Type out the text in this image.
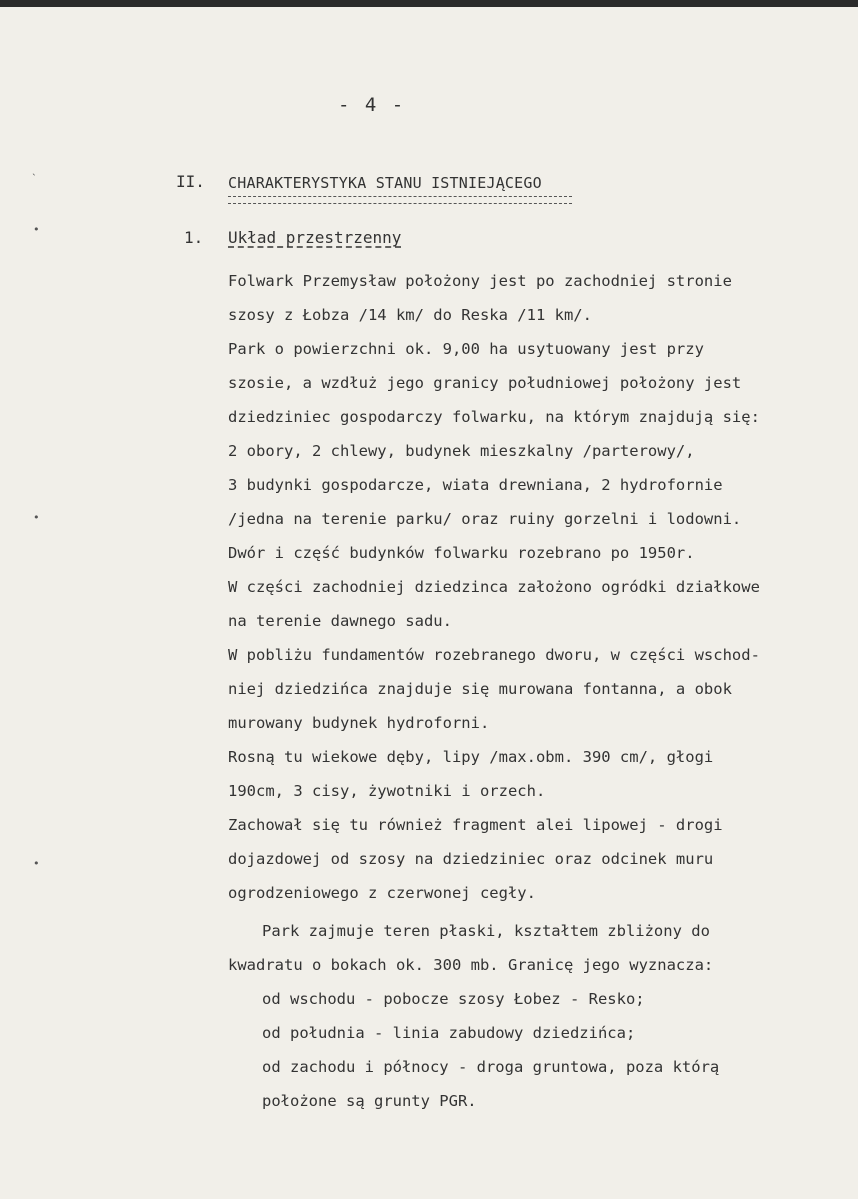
˴
•
•
•
- 4 -
II. CHARAKTERYSTYKA STANU ISTNIEJĄCEGO
1. Układ przestrzenny
Folwark Przemysław położony jest po zachodniej stronie
szosy z Łobza /14 km/ do Reska /11 km/.
Park o powierzchni ok. 9,00 ha usytuowany jest przy
szosie, a wzdłuż jego granicy południowej położony jest
dziedziniec gospodarczy folwarku, na którym znajdują się:
2 obory, 2 chlewy, budynek mieszkalny /parterowy/,
3 budynki gospodarcze, wiata drewniana, 2 hydrofornie
/jedna na terenie parku/ oraz ruiny gorzelni i lodowni.
Dwór i część budynków folwarku rozebrano po 1950r.
W części zachodniej dziedzinca założono ogródki działkowe
na terenie dawnego sadu.
W pobliżu fundamentów rozebranego dworu, w części wschod-
niej dziedzińca znajduje się murowana fontanna, a obok
murowany budynek hydroforni.
Rosną tu wiekowe dęby, lipy /max.obm. 390 cm/, głogi
190cm, 3 cisy, żywotniki i orzech.
Zachował się tu również fragment alei lipowej - drogi
dojazdowej od szosy na dziedziniec oraz odcinek muru
ogrodzeniowego z czerwonej cegły.
Park zajmuje teren płaski, kształtem zbliżony do
kwadratu o bokach ok. 300 mb. Granicę jego wyznacza:
od wschodu - pobocze szosy Łobez - Resko;
od południa - linia zabudowy dziedzińca;
od zachodu i północy - droga gruntowa, poza którą
położone są grunty PGR.
